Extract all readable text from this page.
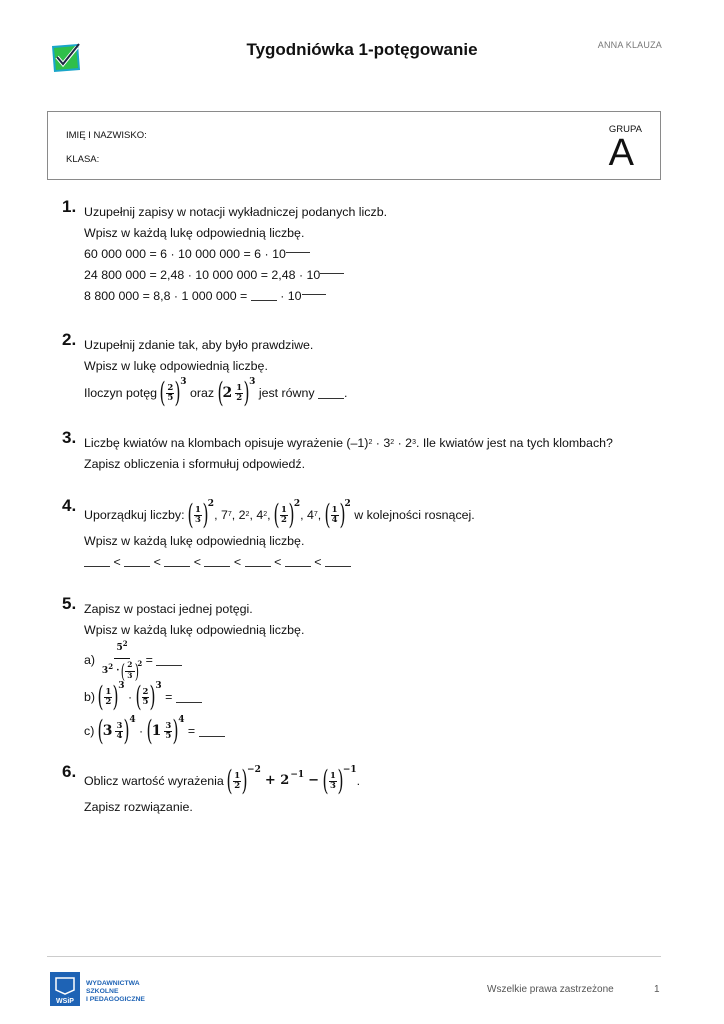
Tygodniówka 1-potęgowanie	ANNA KLAUZA
IMIĘ I NAZWISKO:
KLASA:
GRUPA
A
1. Uzupełnij zapisy w notacji wykładniczej podanych liczb.
Wpisz w każdą lukę odpowiednią liczbę.
60 000 000 = 6 · 10 000 000 = 6 · 10
24 800 000 = 2,48 · 10 000 000 = 2,48 · 10
8 800 000 = 8,8 · 1 000 000 =

	· 10
2. Uzupełnij zdanie tak, aby było prawdziwe.
Wpisz w lukę odpowiednią liczbę.
Iloczyn potęg
( 2
5 ) 3

oraz
( 2 1
2 ) 3

jest równy
.
3. Liczbę kwiatów na klombach opisuje wyrażenie (–1) 2 · 3 2 · 2 3 . Ile kwiatów jest na tych klombach?
Zapisz obliczenia i sformułuj odpowiedź.
4. Uporządkuj liczby:
( 1
3 ) 2
, 7 7 , 2 2 , 4 2 ,
( 1
2 ) 2
, 4 7 ,
( 1
4 ) 2

w kolejności rosnącej.
Wpisz w każdą lukę odpowiednią liczbę.

<

	<

	<

	<

	<

	<

5. Zapisz w postaci jednej potęgi.
Wpisz w każdą lukę odpowiednią liczbę.
a)
$5^2$
3 2
·
( 2
3 )
2
=

b)
( 1
2 ) 3

·
( 2
5 ) 3

=

c)
( 3 3
4 ) 4

·
( 1 3
5 ) 4

=

6. Oblicz wartość wyrażenia
( 1
2 ) −2
+ 2 −1 − ( 1
3 ) −1
.
Zapisz rozwiązanie.
WSiP
WYDAWNICTWA
SZKOLNE
I PEDAGOGICZNE
Wszelkie prawa zastrzeżone	1
